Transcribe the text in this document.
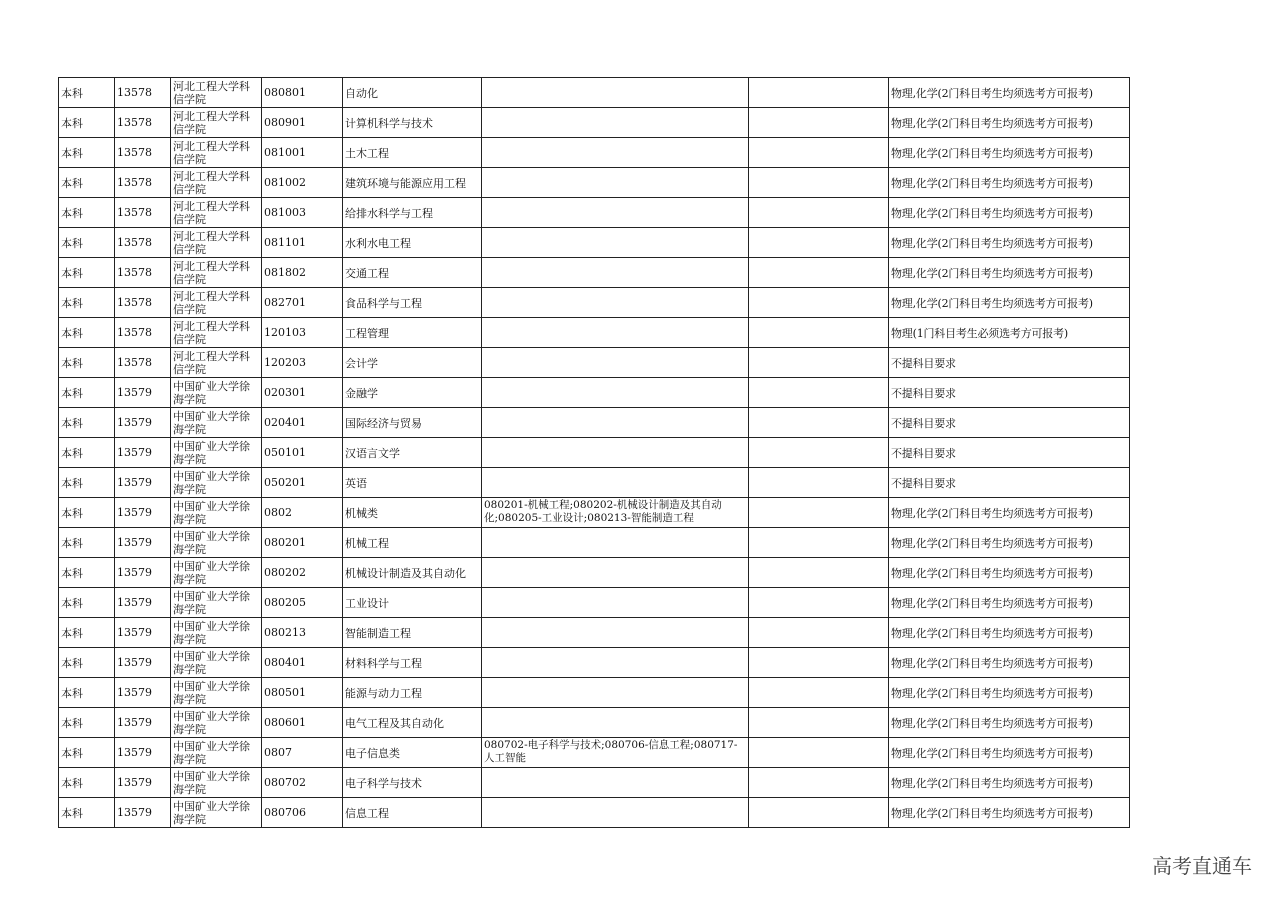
本科	13578	河北工程大学科信学院	080801	自动化			物理,化学(2门科目考生均须选考方可报考)
本科	13578	河北工程大学科信学院	080901	计算机科学与技术			物理,化学(2门科目考生均须选考方可报考)
本科	13578	河北工程大学科信学院	081001	土木工程			物理,化学(2门科目考生均须选考方可报考)
本科	13578	河北工程大学科信学院	081002	建筑环境与能源应用工程			物理,化学(2门科目考生均须选考方可报考)
本科	13578	河北工程大学科信学院	081003	给排水科学与工程			物理,化学(2门科目考生均须选考方可报考)
本科	13578	河北工程大学科信学院	081101	水利水电工程			物理,化学(2门科目考生均须选考方可报考)
本科	13578	河北工程大学科信学院	081802	交通工程			物理,化学(2门科目考生均须选考方可报考)
本科	13578	河北工程大学科信学院	082701	食品科学与工程			物理,化学(2门科目考生均须选考方可报考)
本科	13578	河北工程大学科信学院	120103	工程管理			物理(1门科目考生必须选考方可报考)
本科	13578	河北工程大学科信学院	120203	会计学			不提科目要求
本科	13579	中国矿业大学徐海学院	020301	金融学			不提科目要求
本科	13579	中国矿业大学徐海学院	020401	国际经济与贸易			不提科目要求
本科	13579	中国矿业大学徐海学院	050101	汉语言文学			不提科目要求
本科	13579	中国矿业大学徐海学院	050201	英语			不提科目要求
本科	13579	中国矿业大学徐海学院	0802	机械类	080201-机械工程;080202-机械设计制造及其自动化;080205-工业设计;080213-智能制造工程		物理,化学(2门科目考生均须选考方可报考)
本科	13579	中国矿业大学徐海学院	080201	机械工程			物理,化学(2门科目考生均须选考方可报考)
本科	13579	中国矿业大学徐海学院	080202	机械设计制造及其自动化			物理,化学(2门科目考生均须选考方可报考)
本科	13579	中国矿业大学徐海学院	080205	工业设计			物理,化学(2门科目考生均须选考方可报考)
本科	13579	中国矿业大学徐海学院	080213	智能制造工程			物理,化学(2门科目考生均须选考方可报考)
本科	13579	中国矿业大学徐海学院	080401	材料科学与工程			物理,化学(2门科目考生均须选考方可报考)
本科	13579	中国矿业大学徐海学院	080501	能源与动力工程			物理,化学(2门科目考生均须选考方可报考)
本科	13579	中国矿业大学徐海学院	080601	电气工程及其自动化			物理,化学(2门科目考生均须选考方可报考)
本科	13579	中国矿业大学徐海学院	0807	电子信息类	080702-电子科学与技术;080706-信息工程;080717-人工智能		物理,化学(2门科目考生均须选考方可报考)
本科	13579	中国矿业大学徐海学院	080702	电子科学与技术			物理,化学(2门科目考生均须选考方可报考)
本科	13579	中国矿业大学徐海学院	080706	信息工程			物理,化学(2门科目考生均须选考方可报考)
高考直通车
